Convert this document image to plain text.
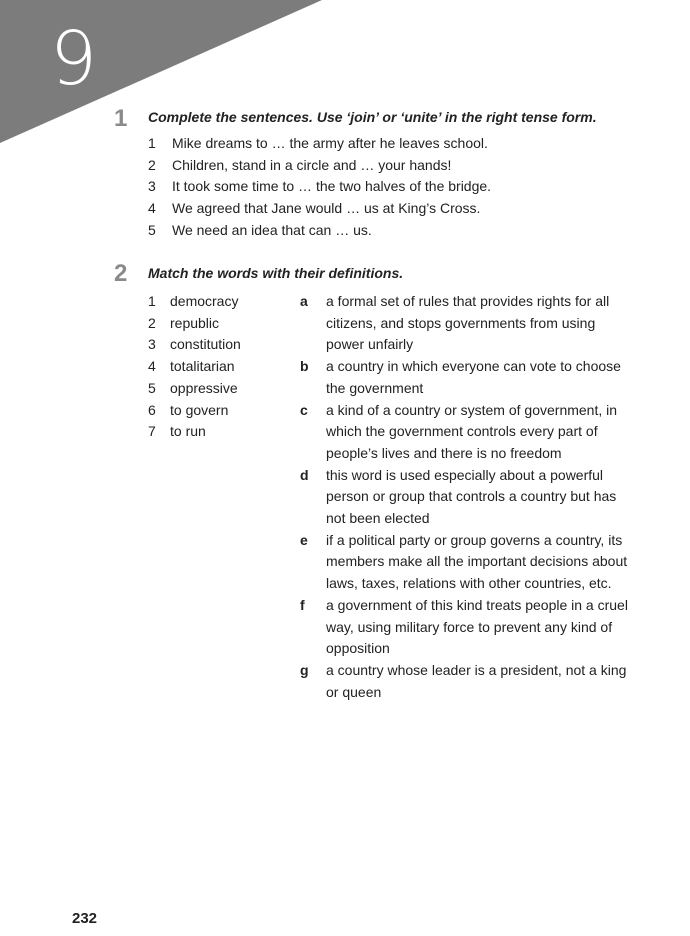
9
1 Complete the sentences. Use ‘join’ or ‘unite’ in the right tense form.
1 Mike dreams to … the army after he leaves school.
2 Children, stand in a circle and … your hands!
3 It took some time to … the two halves of the bridge.
4 We agreed that Jane would … us at King’s Cross.
5 We need an idea that can … us.
2 Match the words with their definitions.
1 democracy
2 republic
3 constitution
4 totalitarian
5 oppressive
6 to govern
7 to run
a	a formal set of rules that provides rights for all citizens, and stops governments from using power unfairly
b	a country in which everyone can vote to choose the government
c	a kind of a country or system of government, in which the government controls every part of people’s lives and there is no freedom
d	this word is used especially about a powerful person or group that controls a country but has not been elected
e	if a political party or group governs a country, its members make all the important decisions about laws, taxes, relations with other countries, etc.
f	a government of this kind treats people in a cruel way, using military force to prevent any kind of opposition
g	a country whose leader is a president, not a king or queen
232
